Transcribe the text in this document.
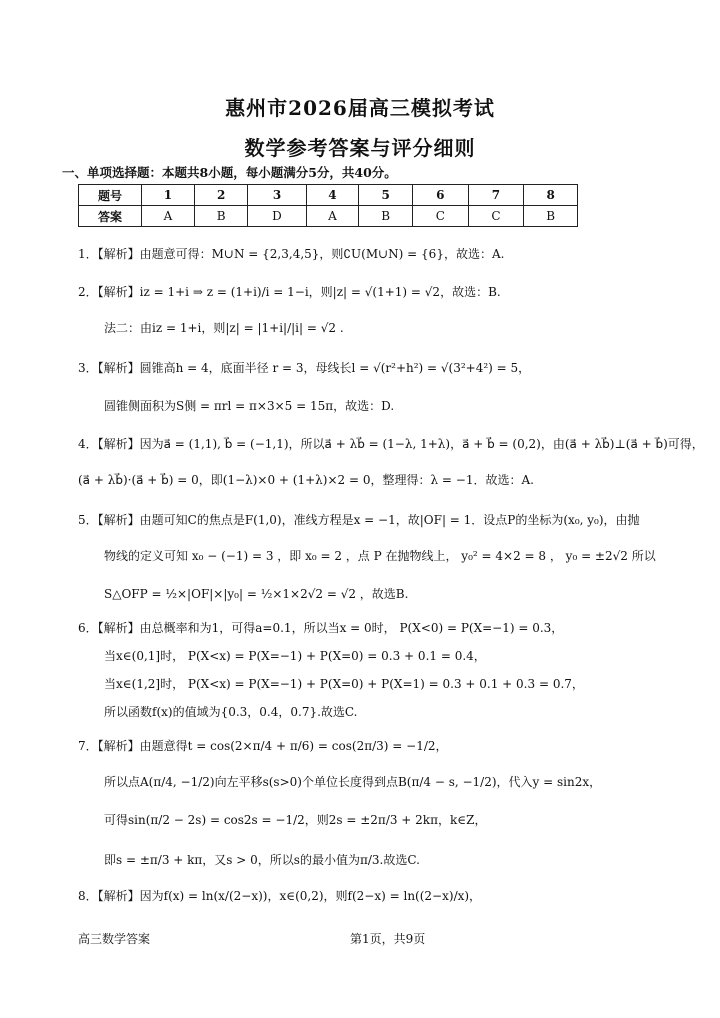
惠州市2026届高三模拟考试
数学参考答案与评分细则
一、单项选择题：本题共8小题，每小题满分5分，共40分。
题号	1	2	3	4	5	6	7	8
答案	A	B	D	A	B	C	C	B
1．【解析】由题意可得：M∪N = {2,3,4,5}，则∁U(M∪N) = {6}，故选：A.
2．【解析】iz = 1+i ⇒ z = (1+i)/i = 1−i，则|z| = √(1+1) = √2，故选：B.
法二：由iz = 1+i，则|z| = |1+i|/|i| = √2 .
3．【解析】圆锥高h = 4，底面半径 r = 3，母线长l = √(r²+h²) = √(3²+4²) = 5，
圆锥侧面积为S侧 = πrl = π×3×5 = 15π，故选：D.
4．【解析】因为a⃗ = (1,1), b⃗ = (−1,1)，所以a⃗ + λb⃗ = (1−λ, 1+λ)，a⃗ + b⃗ = (0,2)，由(a⃗ + λb⃗)⊥(a⃗ + b⃗)可得，
(a⃗ + λb⃗)·(a⃗ + b⃗) = 0，即(1−λ)×0 + (1+λ)×2 = 0，整理得：λ = −1．故选：A.
5．【解析】由题可知C的焦点是F(1,0)，准线方程是x = −1，故|OF| = 1．设点P的坐标为(x₀, y₀)，由抛
物线的定义可知 x₀ − (−1) = 3 ，即 x₀ = 2 ，点 P 在抛物线上， y₀² = 4×2 = 8 ， y₀ = ±2√2 所以
S△OFP = ½×|OF|×|y₀| = ½×1×2√2 = √2 ，故选B.
6．【解析】由总概率和为1，可得a=0.1，所以当x = 0时， P(X<0) = P(X=−1) = 0.3，
当x∈(0,1]时， P(X<x) = P(X=−1) + P(X=0) = 0.3 + 0.1 = 0.4，
当x∈(1,2]时， P(X<x) = P(X=−1) + P(X=0) + P(X=1) = 0.3 + 0.1 + 0.3 = 0.7，
所以函数f(x)的值域为{0.3，0.4，0.7}.故选C.
7．【解析】由题意得t = cos(2×π/4 + π/6) = cos(2π/3) = −1/2，
所以点A(π/4, −1/2)向左平移s(s>0)个单位长度得到点B(π/4 − s, −1/2)，代入y = sin2x，
可得sin(π/2 − 2s) = cos2s = −1/2，则2s = ±2π/3 + 2kπ，k∈Z，
即s = ±π/3 + kπ，又s > 0，所以s的最小值为π/3.故选C.
8．【解析】因为f(x) = ln(x/(2−x))，x∈(0,2)，则f(2−x) = ln((2−x)/x)，
高三数学答案	第1页，共9页
